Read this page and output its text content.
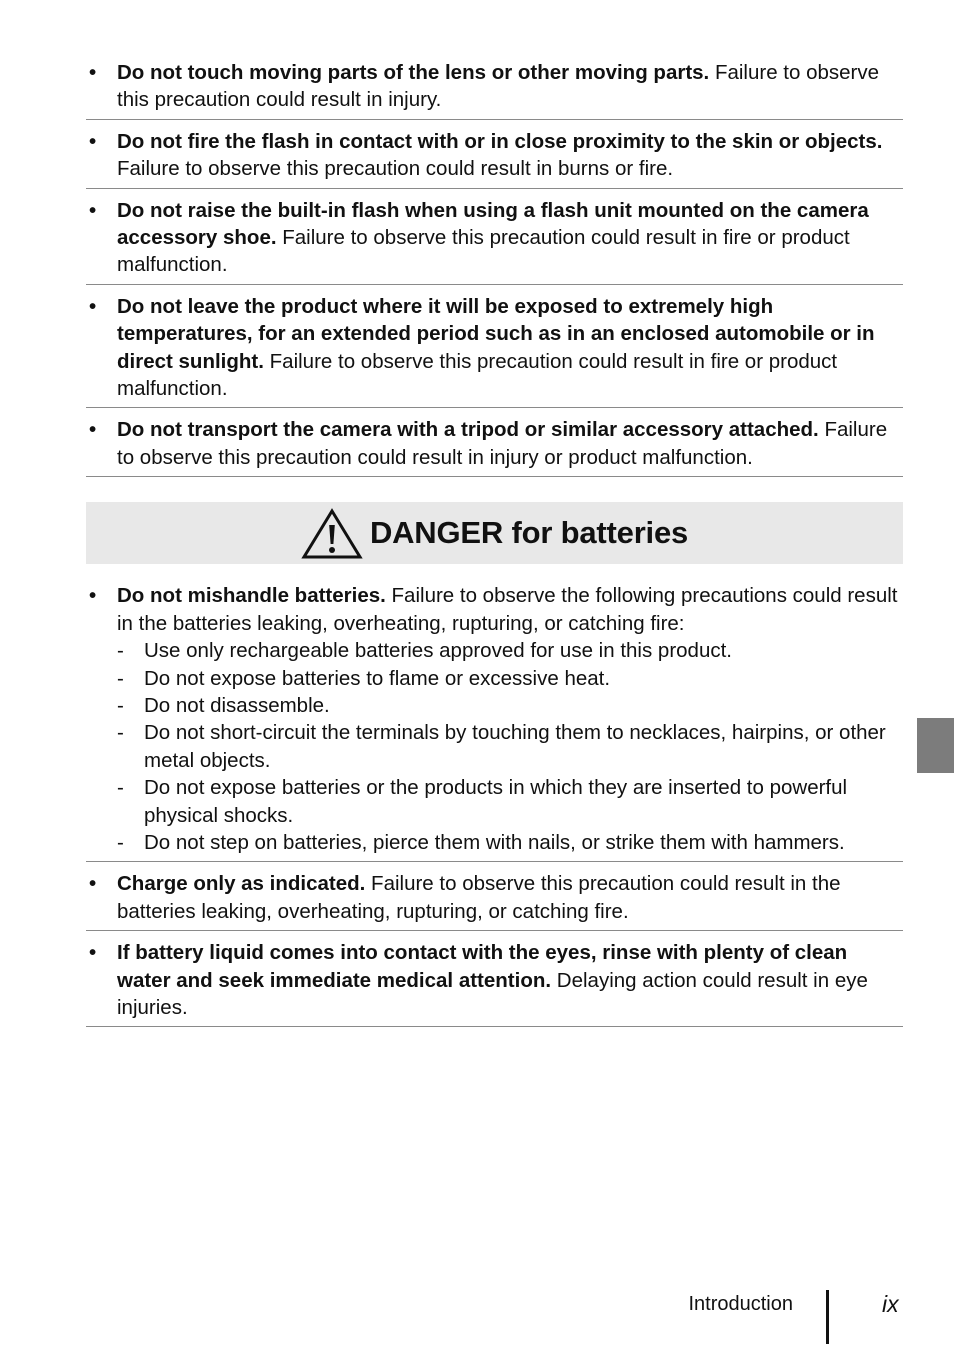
• Do not touch moving parts of the lens or other moving parts. Failure to observe this precaution could result in injury.
• Do not fire the flash in contact with or in close proximity to the skin or objects. Failure to observe this precaution could result in burns or fire.
• Do not raise the built-in flash when using a flash unit mounted on the camera accessory shoe. Failure to observe this precaution could result in fire or product malfunction.
• Do not leave the product where it will be exposed to extremely high temperatures, for an extended period such as in an enclosed automobile or in direct sunlight. Failure to observe this precaution could result in fire or product malfunction.
• Do not transport the camera with a tripod or similar accessory attached. Failure to observe this precaution could result in injury or product malfunction.
DANGER for batteries
• Do not mishandle batteries. Failure to observe the following precautions could result in the batteries leaking, overheating, rupturing, or catching fire:
- Use only rechargeable batteries approved for use in this product.
- Do not expose batteries to flame or excessive heat.
- Do not disassemble.
- Do not short-circuit the terminals by touching them to necklaces, hairpins, or other metal objects.
- Do not expose batteries or the products in which they are inserted to powerful physical shocks.
- Do not step on batteries, pierce them with nails, or strike them with hammers.
• Charge only as indicated. Failure to observe this precaution could result in the batteries leaking, overheating, rupturing, or catching fire.
• If battery liquid comes into contact with the eyes, rinse with plenty of clean water and seek immediate medical attention. Delaying action could result in eye injuries.
Introduction	ix
